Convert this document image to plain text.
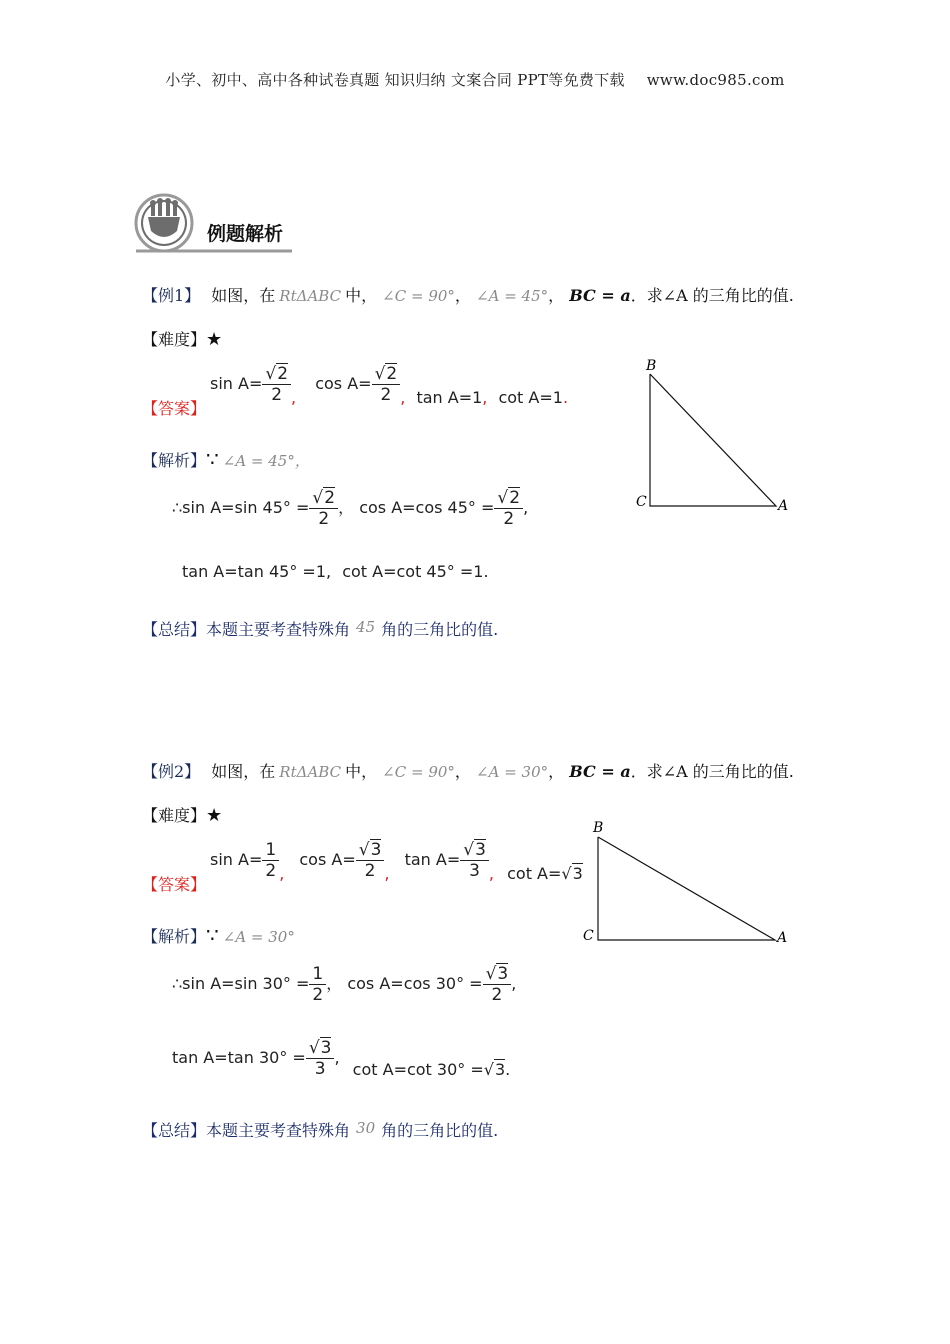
小学、初中、高中各种试卷真题 知识归纳 文案合同 PPT等免费下载 www.doc985.com
例题解析
【例1】 如图，在 RtΔABC 中， ∠C = 90°， ∠A = 45°， BC = a．求∠A 的三角比的值.
【难度】★
【答案】
$\sin A= \frac{√2}{2}$ , $\cos A= \frac{√2}{2}$ , tan A=1, cot A=1.
【解析】∵ ∠A = 45°，
∴sin A=sin $45^\circ = \frac{√2}{2}$ ， cos A=cos $45^\circ = \frac{√2}{2}$ ,
tan A=tan 45° =1, cot A=cot 45° =1.
【总结】本题主要考查特殊角 45 角的三角比的值.
B
C	A
【例2】 如图，在 RtΔABC 中， ∠C = 90°， ∠A = 30°， BC = a．求∠A 的三角比的值.
【难度】★
【答案】
$\sin A= \frac{1}{2}$ , $\cos A= \frac{√3}{2}$ , $\tan A= \frac{√3}{3}$ , cot A=√3
【解析】∵ ∠A = 30°
∴sin A=sin $30^\circ = \frac{1}{2}$ ， cos A=cos $30^\circ = \frac{√3}{2}$ ,
tan A=tan $30^\circ = \frac{√3}{3}$ , cot A=cot 30° =√3.
【总结】本题主要考查特殊角 30 角的三角比的值.
B
C	A
